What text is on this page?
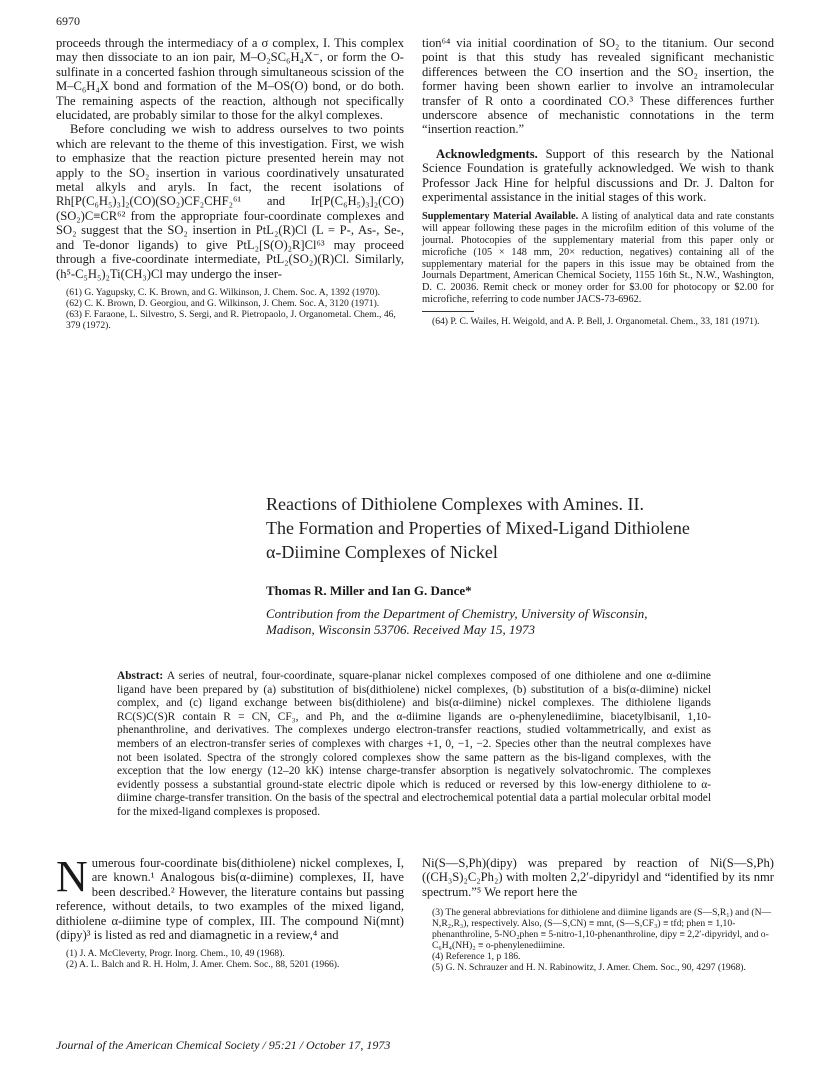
6970

proceeds through the intermediacy of a σ complex, I. This complex may then dissociate to an ion pair, M–O₂SC₆H₄X⁻, or form the O-sulfinate in a concerted fashion through simultaneous scission of the M–C₆H₄X bond and formation of the M–OS(O) bond, or do both. The remaining aspects of the reaction, although not specifically elucidated, are probably similar to those for the alkyl complexes.

Before concluding we wish to address ourselves to two points which are relevant to the theme of this investigation. First, we wish to emphasize that the reaction picture presented herein may not apply to the SO₂ insertion in various coordinatively unsaturated metal alkyls and aryls. In fact, the recent isolations of Rh[P(C₆H₅)₃]₂(CO)(SO₂)CF₂CHF₂⁶¹ and Ir[P(C₆H₅)₃]₂(CO)(SO₂)C≡CR⁶² from the appropriate four-coordinate complexes and SO₂ suggest that the SO₂ insertion in PtL₂(R)Cl (L = P-, As-, Se-, and Te-donor ligands) to give PtL₂[S(O)₂R]Cl⁶³ may proceed through a five-coordinate intermediate, PtL₂(SO₂)(R)Cl. Similarly, (h⁵-C₅H₅)₂Ti(CH₃)Cl may undergo the inser-

(61) G. Yagupsky, C. K. Brown, and G. Wilkinson, J. Chem. Soc. A, 1392 (1970).

(62) C. K. Brown, D. Georgiou, and G. Wilkinson, J. Chem. Soc. A, 3120 (1971).

(63) F. Faraone, L. Silvestro, S. Sergi, and R. Pietropaolo, J. Organometal. Chem., 46, 379 (1972).

tion⁶⁴ via initial coordination of SO₂ to the titanium. Our second point is that this study has revealed significant mechanistic differences between the CO insertion and the SO₂ insertion, the former having been shown earlier to involve an intramolecular transfer of R onto a coordinated CO.³ These differences further underscore absence of mechanistic connotations in the term “insertion reaction.”

Acknowledgments. Support of this research by the National Science Foundation is gratefully acknowledged. We wish to thank Professor Jack Hine for helpful discussions and Dr. J. Dalton for experimental assistance in the initial stages of this work.

Supplementary Material Available. A listing of analytical data and rate constants will appear following these pages in the microfilm edition of this volume of the journal. Photocopies of the supplementary material from this paper only or microfiche (105 × 148 mm, 20× reduction, negatives) containing all of the supplementary material for the papers in this issue may be obtained from the Journals Department, American Chemical Society, 1155 16th St., N.W., Washington, D. C. 20036. Remit check or money order for $3.00 for photocopy or $2.00 for microfiche, referring to code number JACS-73-6962.

(64) P. C. Wailes, H. Weigold, and A. P. Bell, J. Organometal. Chem., 33, 181 (1971).

Reactions of Dithiolene Complexes with Amines. II.
The Formation and Properties of Mixed-Ligand Dithiolene
α-Diimine Complexes of Nickel
Thomas R. Miller and Ian G. Dance*
Contribution from the Department of Chemistry, University of Wisconsin,
Madison, Wisconsin 53706. Received May 15, 1973
Abstract: A series of neutral, four-coordinate, square-planar nickel complexes composed of one dithiolene and one α-diimine ligand have been prepared by (a) substitution of bis(dithiolene) nickel complexes, (b) substitution of a bis(α-diimine) nickel complex, and (c) ligand exchange between bis(dithiolene) and bis(α-diimine) nickel complexes. The dithiolene ligands RC(S)C(S)R contain R = CN, CF₃, and Ph, and the α-diimine ligands are o-phenylenediimine, biacetylbisanil, 1,10-phenanthroline, and derivatives. The complexes undergo electron-transfer reactions, studied voltammetrically, and exist as members of an electron-transfer series of complexes with charges +1, 0, −1, −2. Species other than the neutral complexes have not been isolated. Spectra of the strongly colored complexes show the same pattern as the bis-ligand complexes, with the exception that the low energy (12–20 kK) intense charge-transfer absorption is negatively solvatochromic. The complexes evidently possess a substantial ground-state electric dipole which is reduced or reversed by this low-energy dithiolene to α-diimine charge-transfer transition. On the basis of the spectral and electrochemical potential data a partial molecular orbital model for the mixed-ligand complexes is proposed.

Numerous four-coordinate bis(dithiolene) nickel complexes, I, are known.¹ Analogous bis(α-diimine) complexes, II, have been described.² However, the literature contains but passing reference, without details, to two examples of the mixed ligand, dithiolene α-diimine type of complex, III. The compound Ni(mnt)(dipy)³ is listed as red and diamagnetic in a review,⁴ and

(1) J. A. McCleverty, Progr. Inorg. Chem., 10, 49 (1968).

(2) A. L. Balch and R. H. Holm, J. Amer. Chem. Soc., 88, 5201 (1966).

Ni(S—S,Ph)(dipy) was prepared by reaction of Ni(S—S,Ph)((CH₃S)₂C₂Ph₂) with molten 2,2′-dipyridyl and “identified by its nmr spectrum.”⁵ We report here the

(3) The general abbreviations for dithiolene and diimine ligands are (S—S,R₁) and (N—N,R₂,R₃), respectively. Also, (S—S,CN) ≡ mnt, (S—S,CF₃) ≡ tfd; phen ≡ 1,10-phenanthroline, 5-NO₂phen ≡ 5-nitro-1,10-phenanthroline, dipy ≡ 2,2′-dipyridyl, and o-C₆H₄(NH)₂ ≡ o-phenylenediimine.

(4) Reference 1, p 186.

(5) G. N. Schrauzer and H. N. Rabinowitz, J. Amer. Chem. Soc., 90, 4297 (1968).

Journal of the American Chemical Society / 95:21 / October 17, 1973
